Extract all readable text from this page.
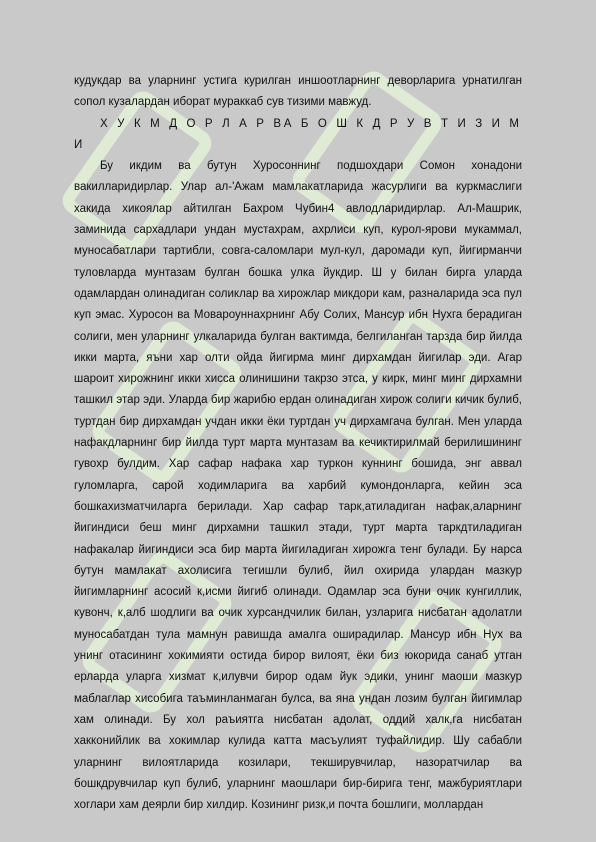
кудукдар ва уларнинг устига курилган иншоотларнинг деворларига урнатилган сопол кузалардан иборат мураккаб сув тизими мавжуд.

Х У К М Д О Р Л А Р ВА Б О Ш К Д Р У В Т И З И М И

Бу икдим ва бутун Хуросоннинг подшохдари Сомон хонадони вакилларидирлар. Улар ал-'Ажам мамлакатларида жасурлиги ва куркмаслиги хакида хикоялар айтилган Бахром Чубин4 авлодларидирлар. Ал-Машрик, заминида сархадлари ундан мустахрам, ахрлиси куп, курол-ярови мукаммал, муносабатлари тартибли, совга-саломлари мул-кул, даромади куп, йигирманчи туловларда мунтазам булган бошка улка йукдир. Ш у билан бирга уларда одамлардан олинадиган соликлар ва хирожлар микдори кам, разналарида эса пул куп эмас. Хуросон ва Мовароуннахрнинг Абу Солих, Мансур ибн Нухга берадиган солиги, мен уларнинг улкаларида булган вактимда, белгиланган тарзда бир йилда икки марта, яъни хар олти ойда йигирма минг дирхамдан йигилар эди. Агар шароит хирожнинг икки хисса олинишини такрзо этса, у кирк, минг минг дирхамни ташкил этар эди. Уларда бир жарибю ердан олинадиган хирож солиги кичик булиб, туртдан бир дирхамдан учдан икки ёки туртдан уч дирхамгача булган. Мен уларда нафакдларнинг бир йилда турт марта мунтазам ва кечиктирилмай берилишининг гувохр булдим. Хар сафар нафака хар туркон куннинг бошида, энг аввал гуломларга, сарой ходимларига ва харбий кумондонларга, кейин эса бошкахизматчиларга берилади. Хар сафар тарк,атиладиган нафак,аларнинг йигиндиси беш минг дирхамни ташкил этади, турт марта таркдтиладиган нафакалар йигиндиси эса бир марта йигиладиган хирожга тенг булади. Бу нарса бутун мамлакат ахолисига тегишли булиб, йил охирида улардан мазкур йигимларнинг асосий к,исми йигиб олинади. Одамлар эса буни очик кунгиллик, кувонч, к,алб шодлиги ва очик хурсандчилик билан, узларига нисбатан адолатли муносабатдан тула мамнун равишда амалга оширадилар. Мансур ибн Нух ва унинг отасининг хокимияти остида бирор вилоят, ёки биз юкорида санаб утган ерларда уларга хизмат к,илувчи бирор одам йук эдики, унинг маоши мазкур маблаглар хисобига таъминланмаган булса, ва яна ундан лозим булган йигимлар хам олинади. Бу хол раъиятга нисбатан адолат, оддий халк,га нисбатан хакконийлик ва хокимлар кулида катта масъулият туфайлидир. Шу сабабли уларнинг вилоятларида козилари, текширувчилар, назоратчилар ва бошкдрувчилар куп булиб, уларнинг маошлари бир-бирига тенг, мажбуриятлари хоrлари хам деярли бир хилдир. Козининг ризк,и почта бошлиги, моллардан
